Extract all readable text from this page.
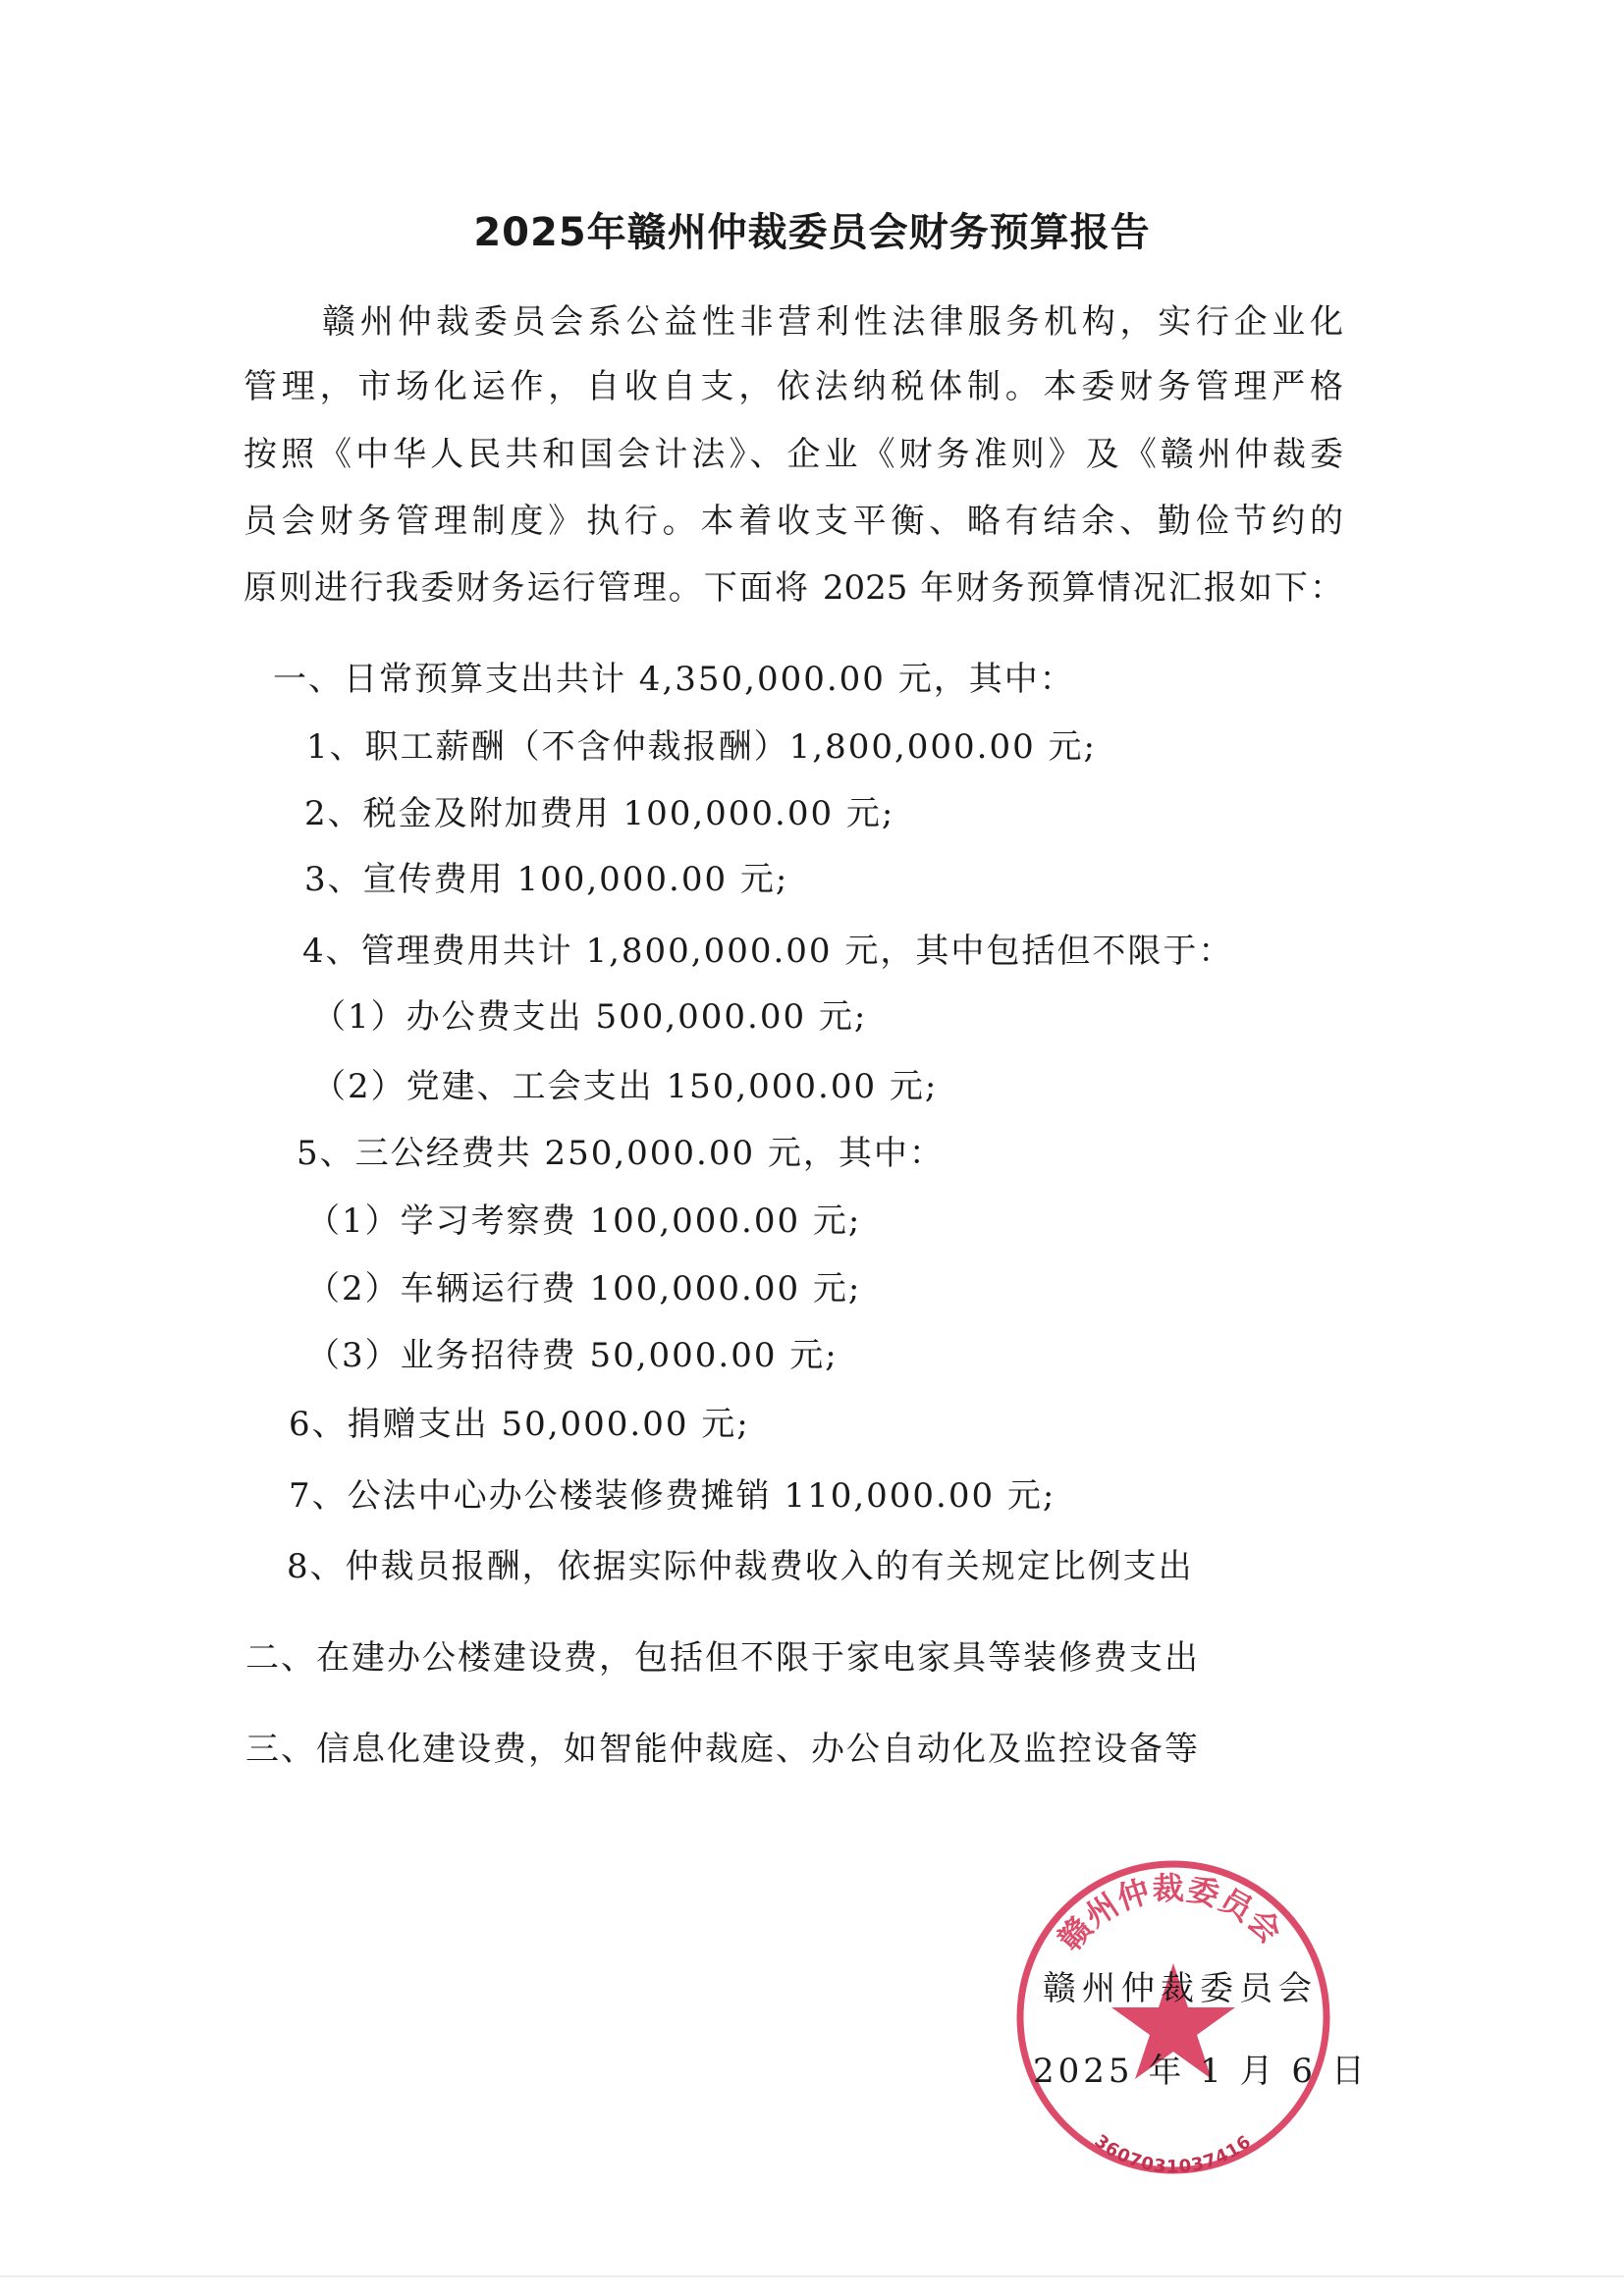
2025年赣州仲裁委员会财务预算报告
赣州仲裁委员会系公益性非营利性法律服务机构，实行企业化
管理，市场化运作，自收自支，依法纳税体制。本委财务管理严格
按照《中华人民共和国会计法》、企业《财务准则》及《赣州仲裁委
员会财务管理制度》执行。本着收支平衡、略有结余、勤俭节约的
原则进行我委财务运行管理。下面将 2025 年财务预算情况汇报如下：
一、日常预算支出共计 4,350,000.00 元，其中：
1、职工薪酬（不含仲裁报酬）1,800,000.00 元;
2、税金及附加费用 100,000.00 元;
3、宣传费用 100,000.00 元;
4、管理费用共计 1,800,000.00 元，其中包括但不限于：
（1）办公费支出 500,000.00 元;
（2）党建、工会支出 150,000.00 元;
5、三公经费共 250,000.00 元，其中：
（1）学习考察费 100,000.00 元;
（2）车辆运行费 100,000.00 元;
（3）业务招待费 50,000.00 元;
6、捐赠支出 50,000.00 元;
7、公法中心办公楼装修费摊销 110,000.00 元;
8、仲裁员报酬，依据实际仲裁费收入的有关规定比例支出
二、在建办公楼建设费，包括但不限于家电家具等装修费支出
三、信息化建设费，如智能仲裁庭、办公自动化及监控设备等
赣州仲裁委员会
3607031037416
赣州仲裁委员会
2025 年 1 月 6 日
